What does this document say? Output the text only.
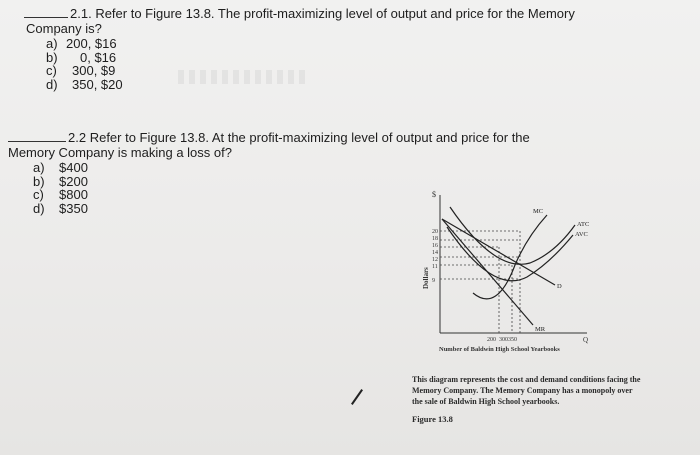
2.1. Refer to Figure 13.8. The profit-maximizing level of output and price for the Memory
Company is?
a) 200, $16
b) 0, $16
c) 300, $9
d) 350, $20
2.2 Refer to Figure 13.8. At the profit-maximizing level of output and price for the
Memory Company is making a loss of?
a) $400
b) $200
c) $800
d) $350
$
Dollars
20
18
16
14
12
11
9
MC
ATC
AVC
D
MR
200  300350	Q
Number of Baldwin High School Yearbooks
This diagram represents the cost and demand conditions facing the
Memory Company. The Memory Company has a monopoly over
the sale of Baldwin High School yearbooks.
Figure 13.8
